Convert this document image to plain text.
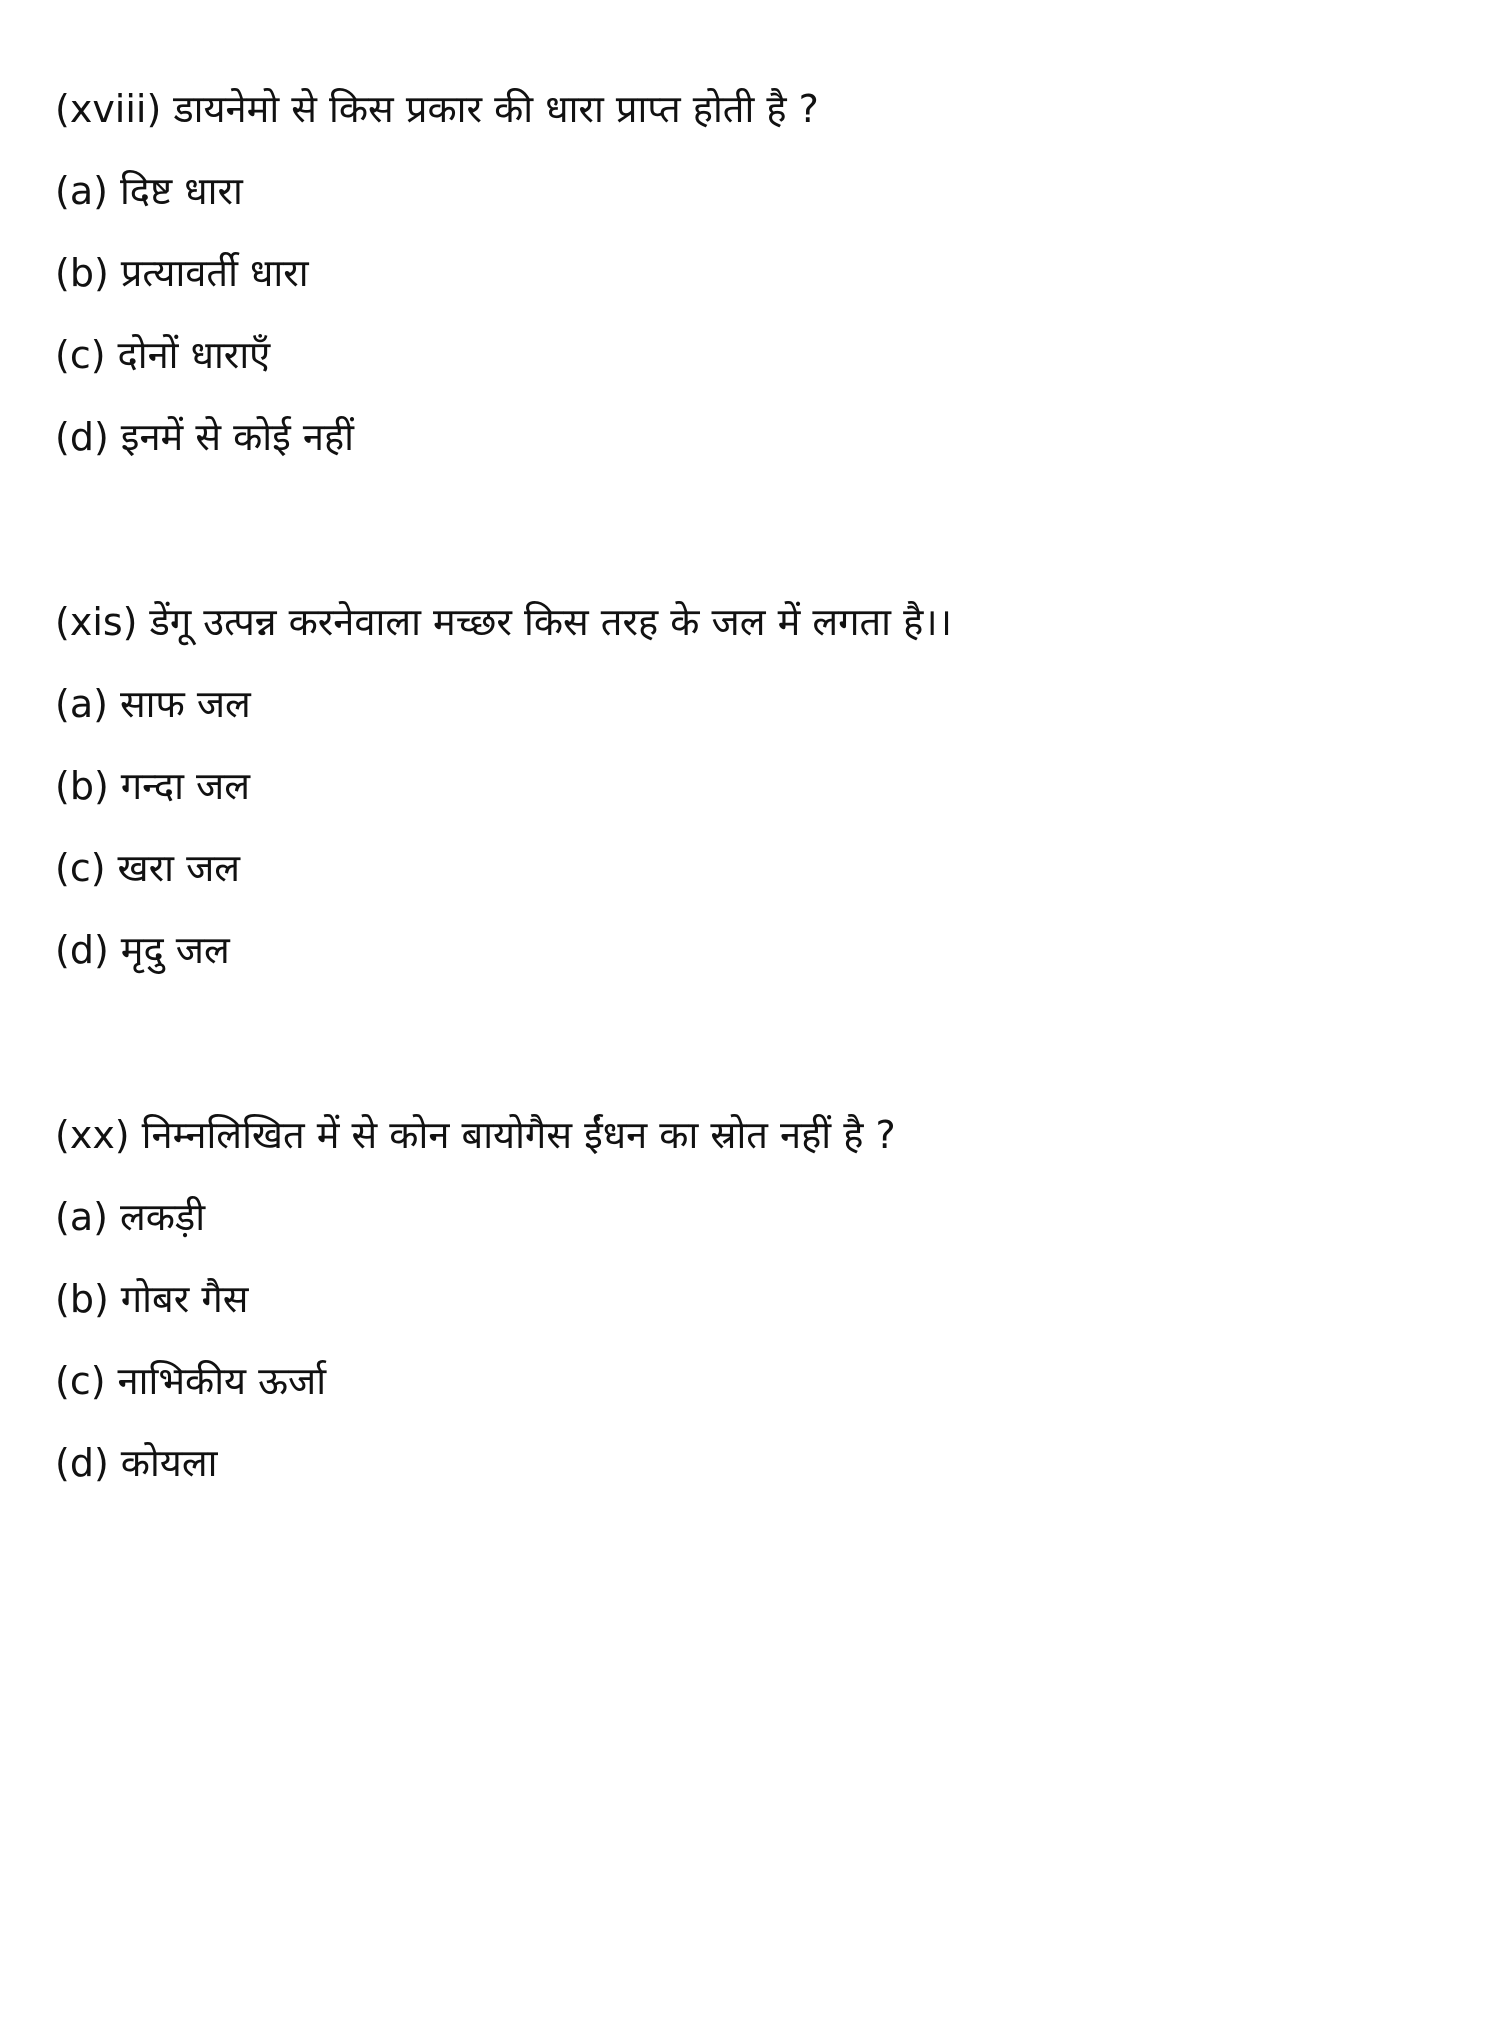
(xviii) डायनेमो से किस प्रकार की धारा प्राप्त होती है ?
(a) दिष्ट धारा
(b) प्रत्यावर्ती धारा
(c) दोनों धाराएँ
(d) इनमें से कोई नहीं
(xis) डेंगू उत्पन्न करनेवाला मच्छर किस तरह के जल में लगता है।।
(a) साफ जल
(b) गन्दा जल
(c) खरा जल
(d) मृदु जल
(xx) निम्नलिखित में से कोन बायोगैस ईंधन का स्रोत नहीं है ?
(a) लकड़ी
(b) गोबर गैस
(c) नाभिकीय ऊर्जा
(d) कोयला
